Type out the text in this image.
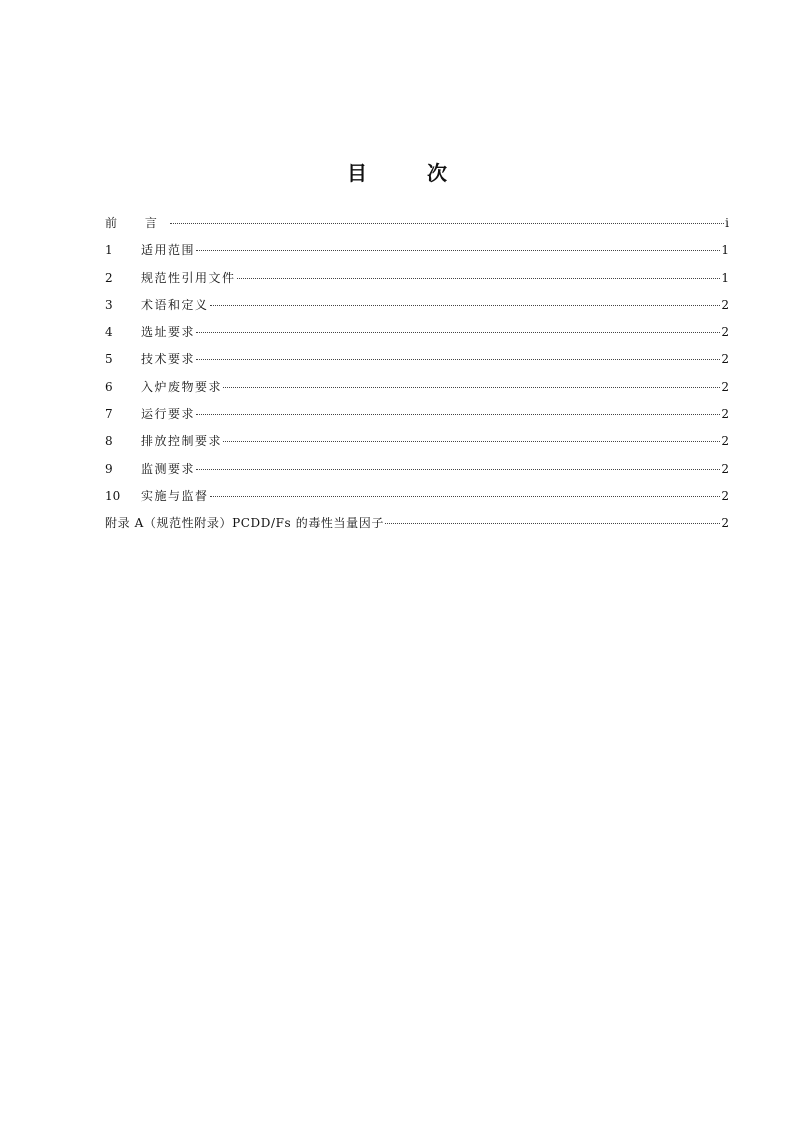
目　次
前 言	i
1	适用范围	1
2	规范性引用文件	1
3	术语和定义	2
4	选址要求	2
5	技术要求	2
6	入炉废物要求	2
7	运行要求	2
8	排放控制要求	2
9	监测要求	2
10	实施与监督	2
附录 A（规范性附录）PCDD/Fs 的毒性当量因子	2
